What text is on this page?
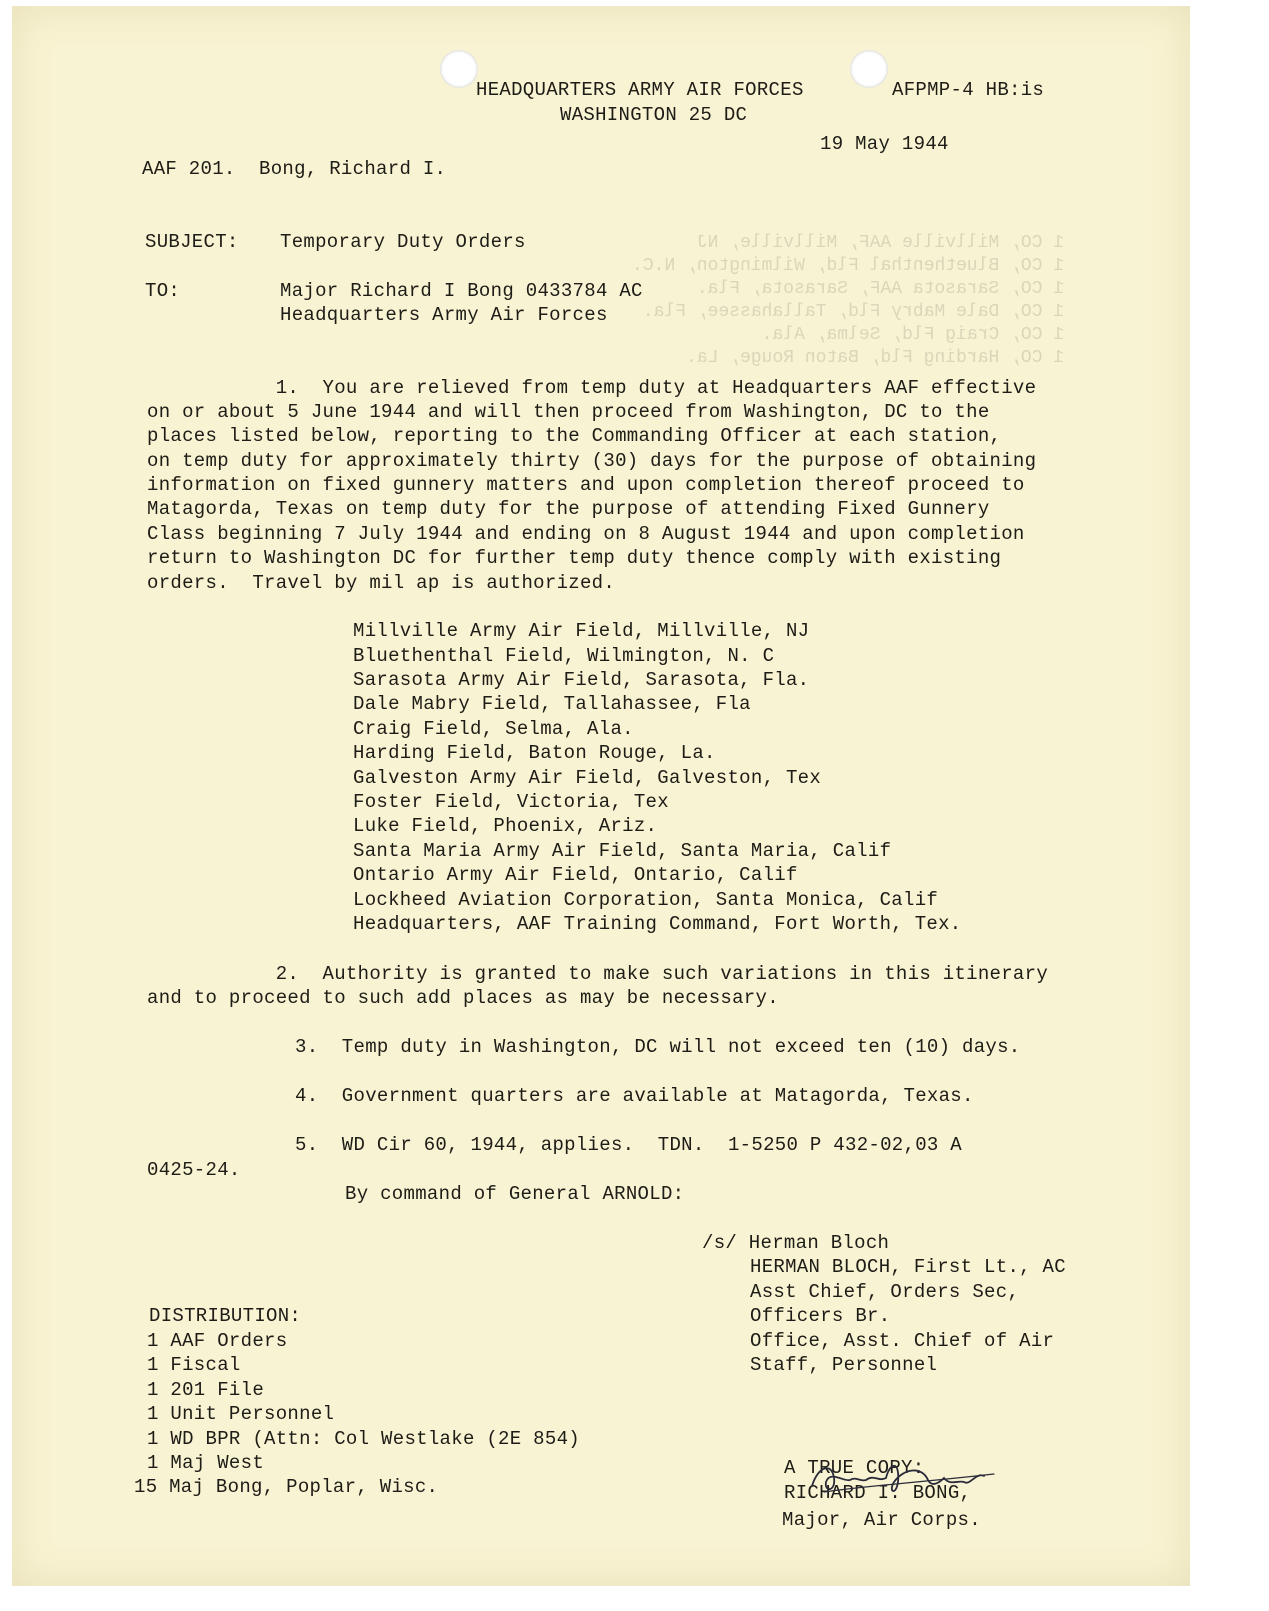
1 CO, Millville AAF, Millville, NJ
1 CO, Bluethenthal Fld, Wilmington, N.C.
1 CO, Sarasota AAF, Sarasota, Fla.
1 CO, Dale Mabry Fld, Tallahassee, Fla.
1 CO, Craig Fld, Selma, Ala.
1 CO, Harding Fld, Baton Rouge, La.
HEADQUARTERS ARMY AIR FORCES
WASHINGTON 25 DC
AFPMP-4 HB:is
19 May 1944
AAF 201.  Bong, Richard I.
SUBJECT: Temporary Duty Orders
TO:	Major Richard I Bong 0433784 AC
Headquarters Army Air Forces
1.  You are relieved from temp duty at Headquarters AAF effective
on or about 5 June 1944 and will then proceed from Washington, DC to the
places listed below, reporting to the Commanding Officer at each station,
on temp duty for approximately thirty (30) days for the purpose of obtaining
information on fixed gunnery matters and upon completion thereof proceed to
Matagorda, Texas on temp duty for the purpose of attending Fixed Gunnery
Class beginning 7 July 1944 and ending on 8 August 1944 and upon completion
return to Washington DC for further temp duty thence comply with existing
orders.  Travel by mil ap is authorized.
Millville Army Air Field, Millville, NJ
Bluethenthal Field, Wilmington, N. C
Sarasota Army Air Field, Sarasota, Fla.
Dale Mabry Field, Tallahassee, Fla
Craig Field, Selma, Ala.
Harding Field, Baton Rouge, La.
Galveston Army Air Field, Galveston, Tex
Foster Field, Victoria, Tex
Luke Field, Phoenix, Ariz.
Santa Maria Army Air Field, Santa Maria, Calif
Ontario Army Air Field, Ontario, Calif
Lockheed Aviation Corporation, Santa Monica, Calif
Headquarters, AAF Training Command, Fort Worth, Tex.
2.  Authority is granted to make such variations in this itinerary
and to proceed to such add places as may be necessary.
3.  Temp duty in Washington, DC will not exceed ten (10) days.
4.  Government quarters are available at Matagorda, Texas.
5.  WD Cir 60, 1944, applies.  TDN.  1-5250 P 432-02,03 A
0425-24.
By command of General ARNOLD:
/s/ Herman Bloch
HERMAN BLOCH, First Lt., AC
Asst Chief, Orders Sec,
Officers Br.
Office, Asst. Chief of Air
Staff, Personnel
DISTRIBUTION:
1 AAF Orders
1 Fiscal
1 201 File
1 Unit Personnel
1 WD BPR (Attn: Col Westlake (2E 854)
1 Maj West
15 Maj Bong, Poplar, Wisc.
A TRUE COPY:
RICHARD I. BONG,
Major, Air Corps.
